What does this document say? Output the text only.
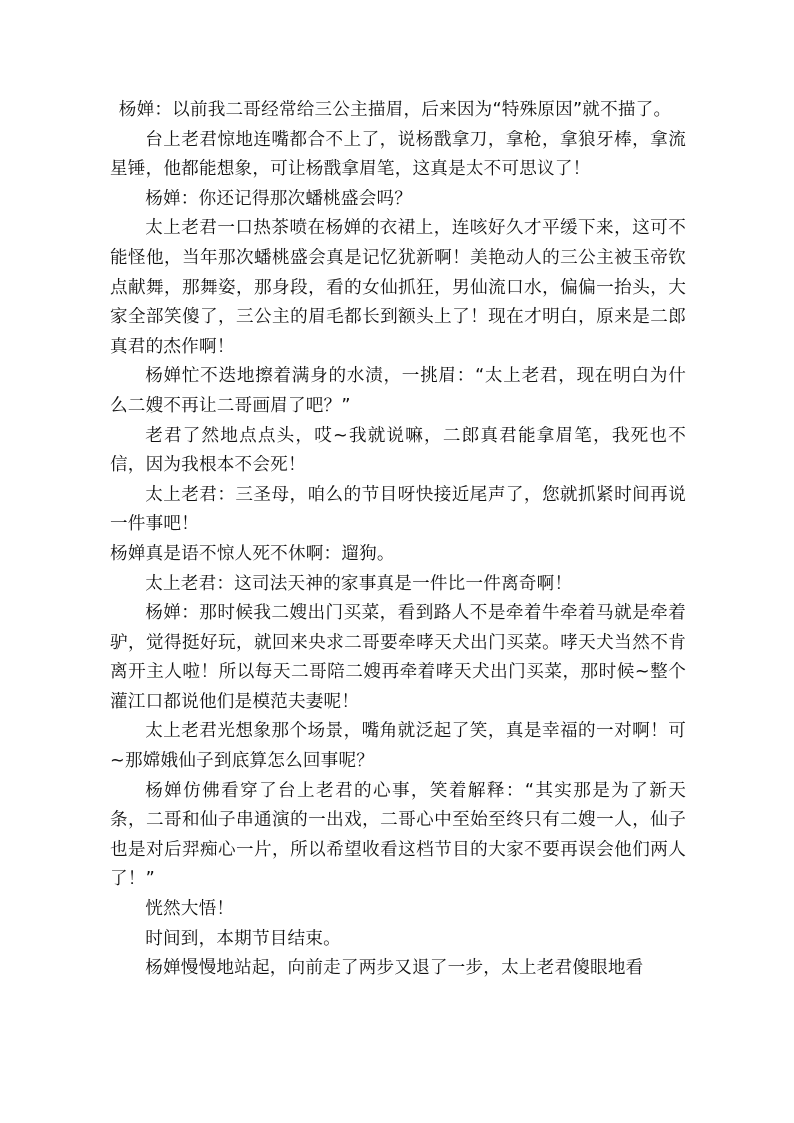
杨婵：以前我二哥经常给三公主描眉，后来因为“特殊原因”就不描了。

台上老君惊地连嘴都合不上了，说杨戬拿刀，拿枪，拿狼牙棒，拿流星锤，他都能想象，可让杨戬拿眉笔，这真是太不可思议了！

杨婵：你还记得那次蟠桃盛会吗？

太上老君一口热茶喷在杨婵的衣裙上，连咳好久才平缓下来，这可不能怪他，当年那次蟠桃盛会真是记忆犹新啊！美艳动人的三公主被玉帝钦点献舞，那舞姿，那身段，看的女仙抓狂，男仙流口水，偏偏一抬头，大家全部笑傻了，三公主的眉毛都长到额头上了！现在才明白，原来是二郎真君的杰作啊！

杨婵忙不迭地擦着满身的水渍，一挑眉：“太上老君，现在明白为什么二嫂不再让二哥画眉了吧？”

老君了然地点点头，哎~我就说嘛，二郎真君能拿眉笔，我死也不信，因为我根本不会死！

太上老君：三圣母，咱么的节目呀快接近尾声了，您就抓紧时间再说一件事吧！

杨婵真是语不惊人死不休啊：遛狗。

太上老君：这司法天神的家事真是一件比一件离奇啊！

杨婵：那时候我二嫂出门买菜，看到路人不是牵着牛牵着马就是牵着驴，觉得挺好玩，就回来央求二哥要牵哮天犬出门买菜。哮天犬当然不肯离开主人啦！所以每天二哥陪二嫂再牵着哮天犬出门买菜，那时候~整个灌江口都说他们是模范夫妻呢！

太上老君光想象那个场景，嘴角就泛起了笑，真是幸福的一对啊！可~那嫦娥仙子到底算怎么回事呢？

杨婵仿佛看穿了台上老君的心事，笑着解释：“其实那是为了新天条，二哥和仙子串通演的一出戏，二哥心中至始至终只有二嫂一人，仙子也是对后羿痴心一片，所以希望收看这档节目的大家不要再误会他们两人了！”

恍然大悟！

时间到，本期节目结束。

杨婵慢慢地站起，向前走了两步又退了一步，太上老君傻眼地看
